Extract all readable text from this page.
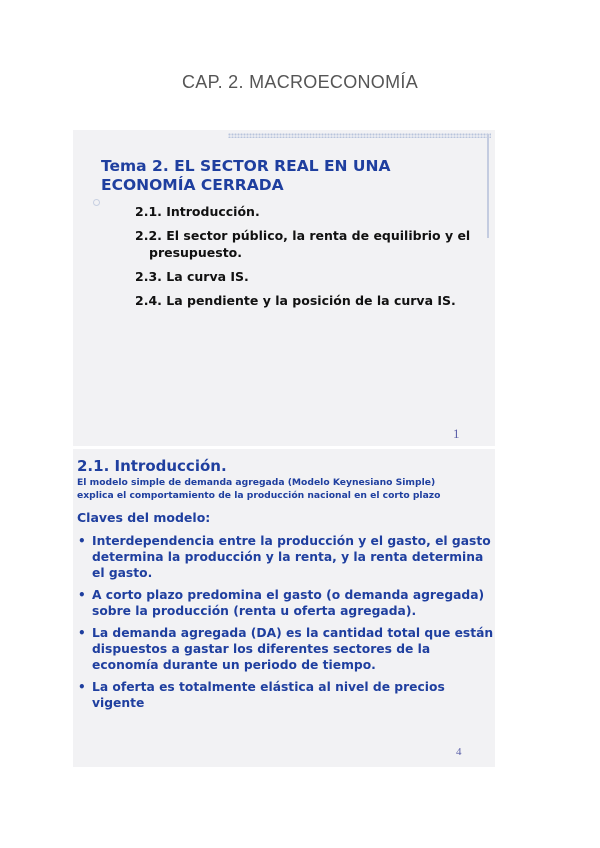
CAP. 2. MACROECONOMÍA
Tema 2. EL SECTOR REAL EN UNA ECONOMÍA CERRADA
2.1. Introducción.
2.2. El sector público, la renta de equilibrio y el presupuesto.
2.3. La curva IS.
2.4. La pendiente y la posición de la curva IS.
1
2.1. Introducción.
El modelo simple de demanda agregada (Modelo Keynesiano Simple)
explica el comportamiento de la producción nacional en el corto plazo
Claves del modelo:
• Interdependencia entre la producción y el gasto, el gasto determina la producción y la renta, y la renta determina el gasto.
• A corto plazo predomina el gasto (o demanda agregada) sobre la producción (renta u oferta agregada).
• La demanda agregada (DA) es la cantidad total que están dispuestos a gastar los diferentes sectores de la economía durante un periodo de tiempo.
• La oferta es totalmente elástica al nivel de precios vigente
4
